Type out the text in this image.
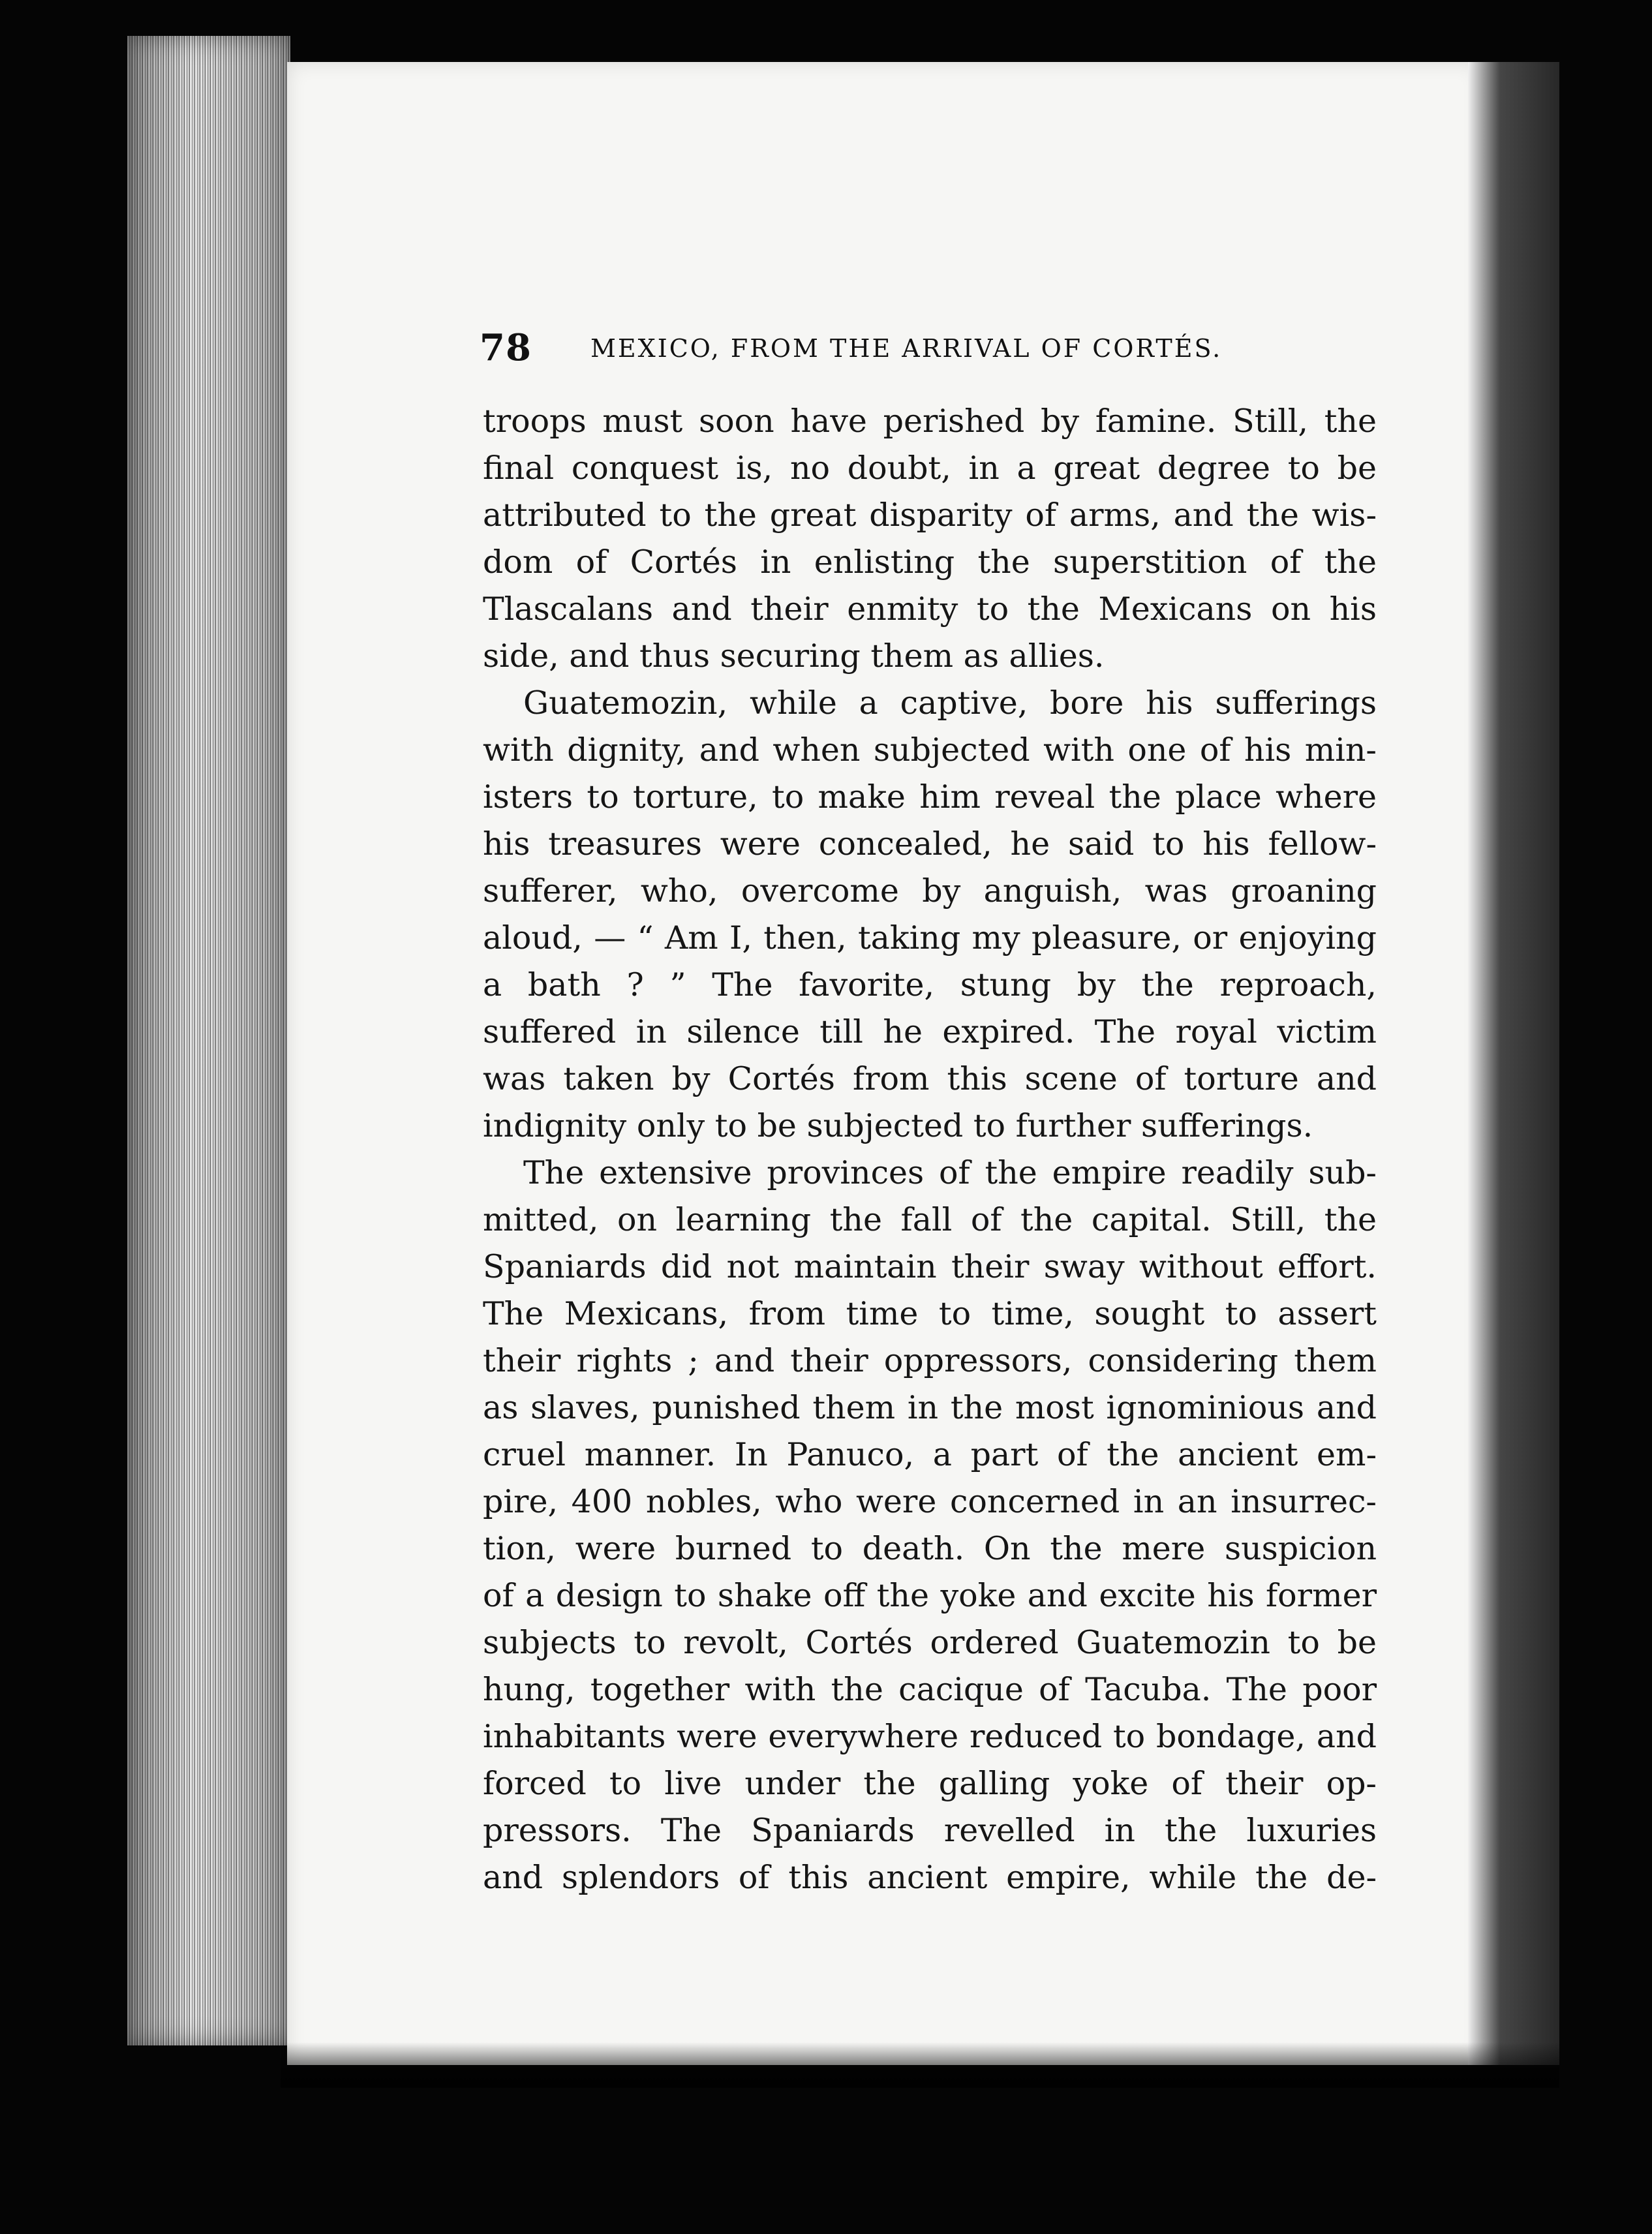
78 MEXICO, FROM THE ARRIVAL OF CORTÉS.
troops must soon have perished by famine. Still, the
final conquest is, no doubt, in a great degree to be
attributed to the great disparity of arms, and the wis-
dom of Cortés in enlisting the superstition of the
Tlascalans and their enmity to the Mexicans on his
side, and thus securing them as allies.
Guatemozin, while a captive, bore his sufferings
with dignity, and when subjected with one of his min-
isters to torture, to make him reveal the place where
his treasures were concealed, he said to his fellow-
sufferer, who, overcome by anguish, was groaning
aloud, — “ Am I, then, taking my pleasure, or enjoying
a bath ? ” The favorite, stung by the reproach,
suffered in silence till he expired. The royal victim
was taken by Cortés from this scene of torture and
indignity only to be subjected to further sufferings.
The extensive provinces of the empire readily sub-
mitted, on learning the fall of the capital. Still, the
Spaniards did not maintain their sway without effort.
The Mexicans, from time to time, sought to assert
their rights ; and their oppressors, considering them
as slaves, punished them in the most ignominious and
cruel manner. In Panuco, a part of the ancient em-
pire, 400 nobles, who were concerned in an insurrec-
tion, were burned to death. On the mere suspicion
of a design to shake off the yoke and excite his former
subjects to revolt, Cortés ordered Guatemozin to be
hung, together with the cacique of Tacuba. The poor
inhabitants were everywhere reduced to bondage, and
forced to live under the galling yoke of their op-
pressors. The Spaniards revelled in the luxuries
and splendors of this ancient empire, while the de-
